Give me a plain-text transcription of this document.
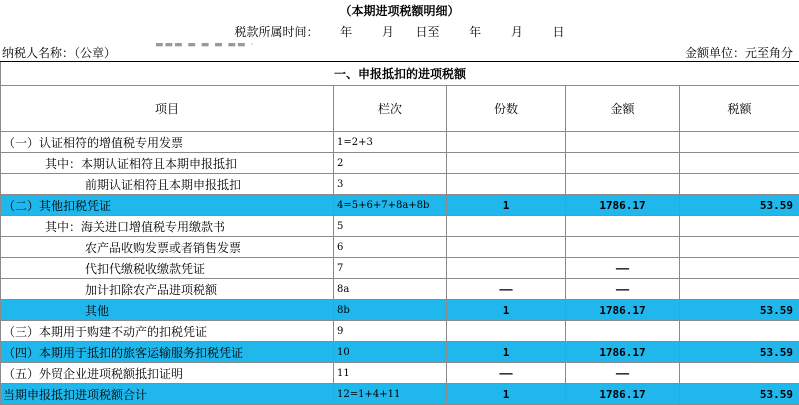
（本期进项税额明细）
税款所属时间： 年 月 日至 年 月 日
纳税人名称：（公章）
▬▬▬ ▬ ▬ ▬ ▬▬ ·
金额单位：元至角分
一、申报抵扣的进项税额				
项目	栏次	份数	金额	税额
（一）认证相符的增值税专用发票	1=2+3			
其中：本期认证相符且本期申报抵扣	2			
前期认证相符且本期申报抵扣	3			
（二）其他扣税凭证	4=5+6+7+8a+8b	1	1786.17	53.59
其中：海关进口增值税专用缴款书	5			
农产品收购发票或者销售发票	6			
代扣代缴税收缴款凭证	7		——	
加计扣除农产品进项税额	8a	——	——	
其他	8b	1	1786.17	53.59
（三）本期用于购建不动产的扣税凭证	9			
（四）本期用于抵扣的旅客运输服务扣税凭证	10	1	1786.17	53.59
（五）外贸企业进项税额抵扣证明	11	——	——	
当期申报抵扣进项税额合计	12=1+4+11	1	1786.17	53.59
